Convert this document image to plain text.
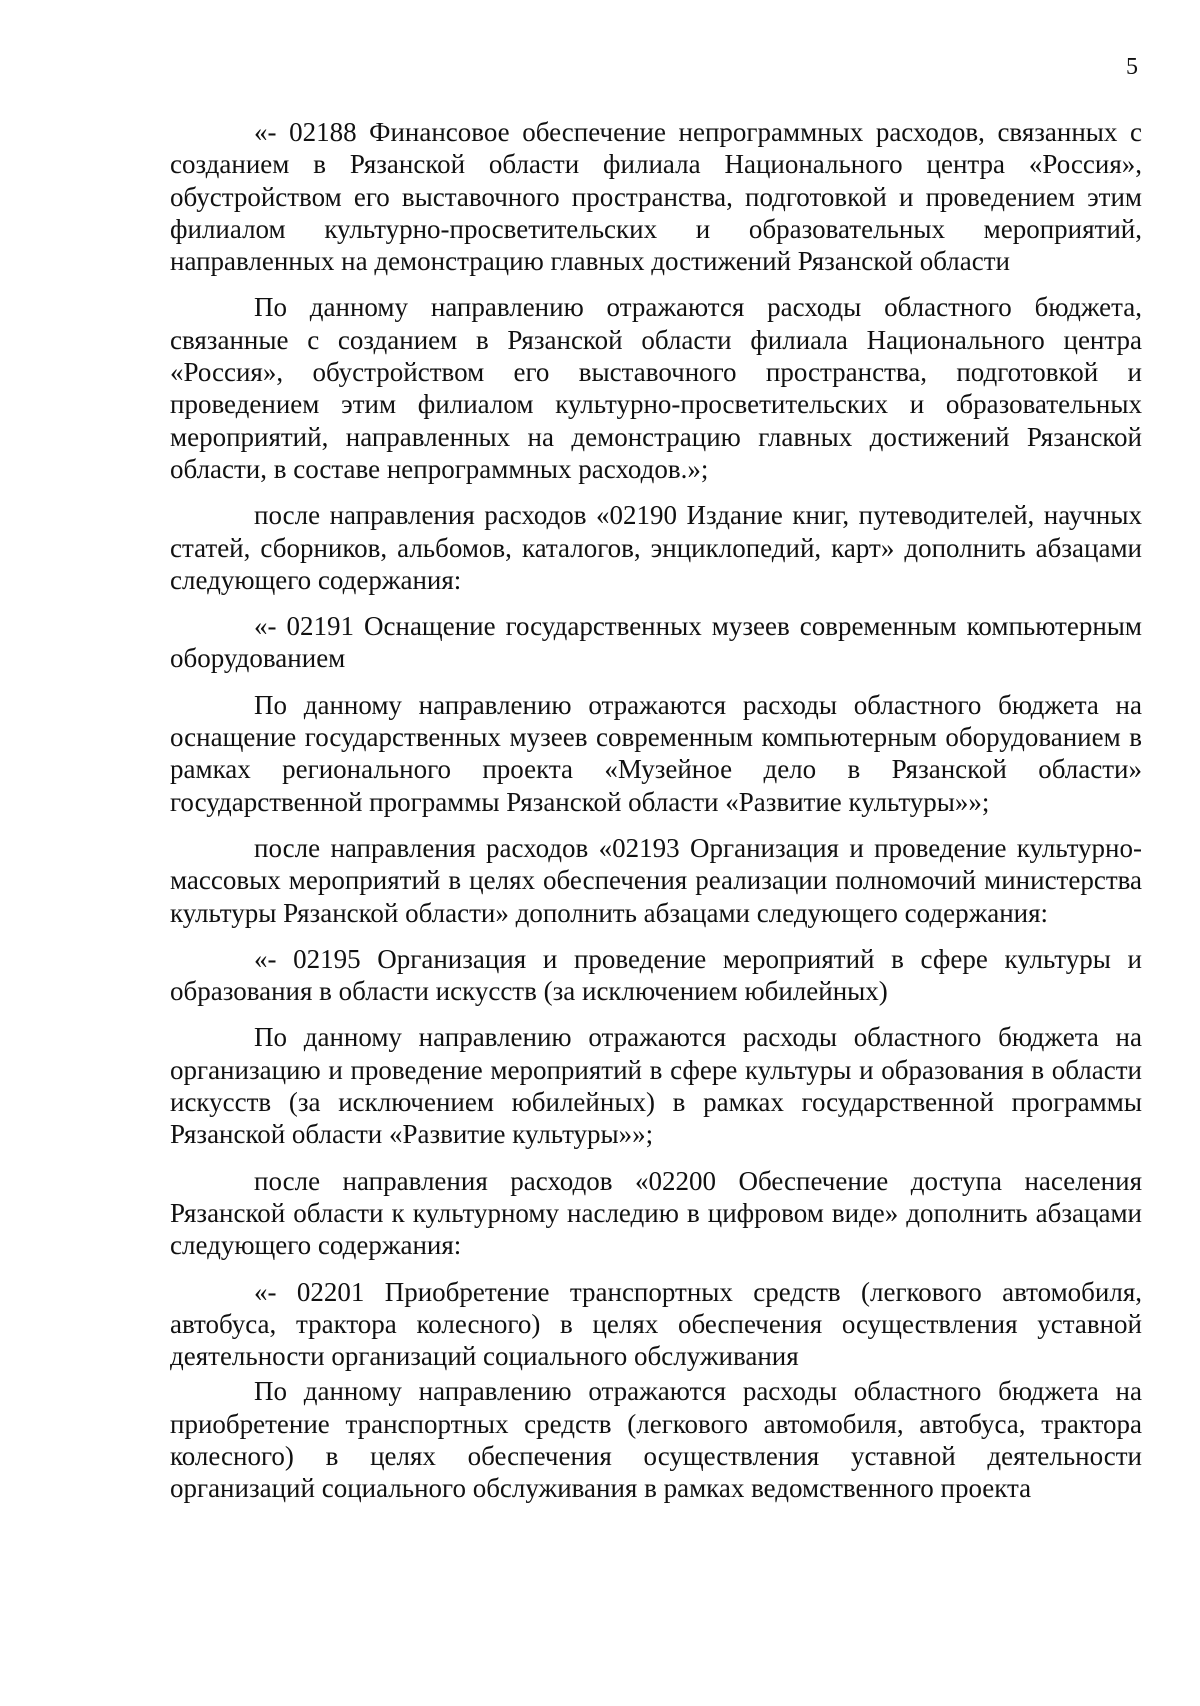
5

«- 02188 Финансовое обеспечение непрограммных расходов, связанных с созданием в Рязанской области филиала Национального центра «Россия», обустройством его выставочного пространства, подготовкой и проведением этим филиалом культурно-просветительских и образовательных мероприятий, направленных на демонстрацию главных достижений Рязанской области

По данному направлению отражаются расходы областного бюджета, связанные с созданием в Рязанской области филиала Национального центра «Россия», обустройством его выставочного пространства, подготовкой и проведением этим филиалом культурно-просветительских и образовательных мероприятий, направленных на демонстрацию главных достижений Рязанской области, в составе непрограммных расходов.»;

после направления расходов «02190 Издание книг, путеводителей, научных статей, сборников, альбомов, каталогов, энциклопедий, карт» дополнить абзацами следующего содержания:

«- 02191 Оснащение государственных музеев современным компьютерным оборудованием

По данному направлению отражаются расходы областного бюджета на оснащение государственных музеев современным компьютерным оборудованием в рамках регионального проекта «Музейное дело в Рязанской области» государственной программы Рязанской области «Развитие культуры»»;

после направления расходов «02193 Организация и проведение культурно-массовых мероприятий в целях обеспечения реализации полномочий министерства культуры Рязанской области» дополнить абзацами следующего содержания:

«- 02195 Организация и проведение мероприятий в сфере культуры и образования в области искусств (за исключением юбилейных)

По данному направлению отражаются расходы областного бюджета на организацию и проведение мероприятий в сфере культуры и образования в области искусств (за исключением юбилейных) в рамках государственной программы Рязанской области «Развитие культуры»»;

после направления расходов «02200 Обеспечение доступа населения Рязанской области к культурному наследию в цифровом виде» дополнить абзацами следующего содержания:

«- 02201 Приобретение транспортных средств (легкового автомобиля, автобуса, трактора колесного) в целях обеспечения осуществления уставной деятельности организаций социального обслуживания

По данному направлению отражаются расходы областного бюджета на приобретение транспортных средств (легкового автомобиля, автобуса, трактора колесного) в целях обеспечения осуществления уставной деятельности организаций социального обслуживания в рамках ведомственного проекта
